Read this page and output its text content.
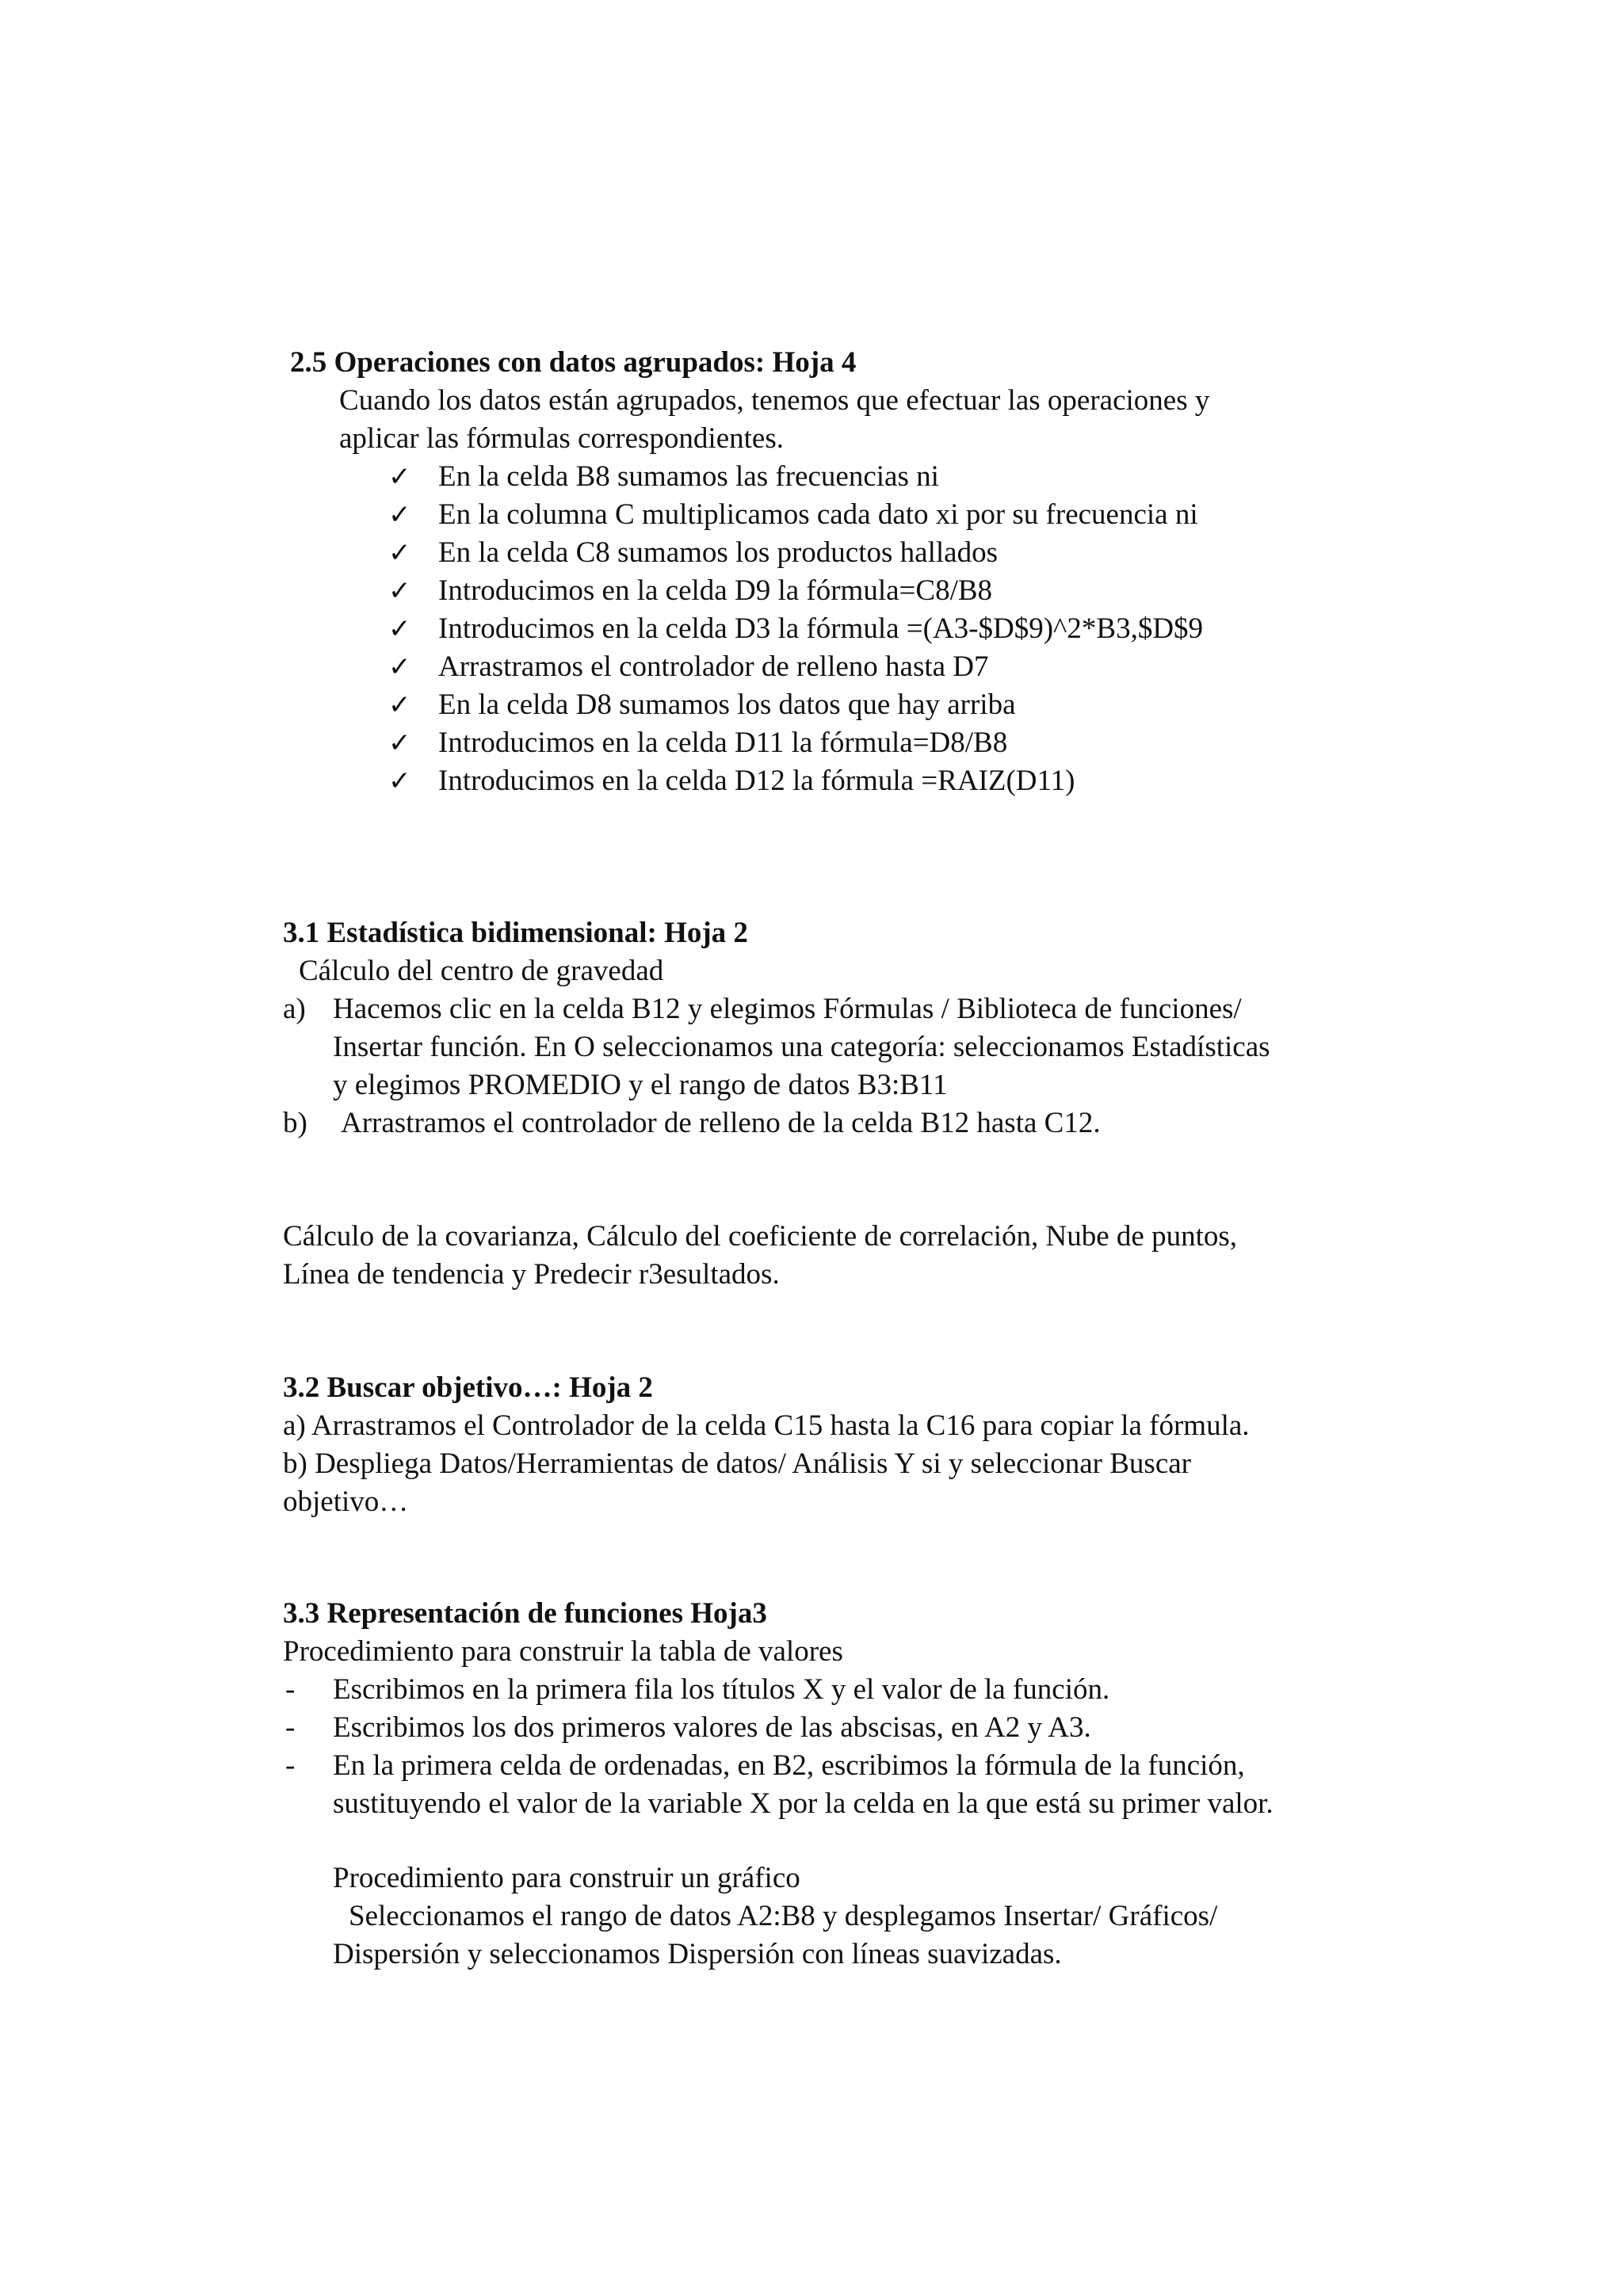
2.5 Operaciones con datos agrupados: Hoja 4
Cuando los datos están agrupados, tenemos que efectuar las operaciones y
aplicar las fórmulas correspondientes.
✓ En la celda B8 sumamos las frecuencias ni
✓ En la columna C multiplicamos cada dato xi por su frecuencia ni
✓ En la celda C8 sumamos los productos hallados
✓ Introducimos en la celda D9 la fórmula=C8/B8
✓ Introducimos en la celda D3 la fórmula =(A3-$D$9)^2*B3,$D$9
✓ Arrastramos el controlador de relleno hasta D7
✓ En la celda D8 sumamos los datos que hay arriba
✓ Introducimos en la celda D11 la fórmula=D8/B8
✓ Introducimos en la celda D12 la fórmula =RAIZ(D11)
3.1 Estadística bidimensional: Hoja 2
Cálculo del centro de gravedad
a) Hacemos clic en la celda B12 y elegimos Fórmulas / Biblioteca de funciones/
Insertar función. En O seleccionamos una categoría: seleccionamos Estadísticas
y elegimos PROMEDIO y el rango de datos B3:B11
b) Arrastramos el controlador de relleno de la celda B12 hasta C12.
Cálculo de la covarianza, Cálculo del coeficiente de correlación, Nube de puntos,
Línea de tendencia y Predecir r3esultados.
3.2 Buscar objetivo…: Hoja 2
a) Arrastramos el Controlador de la celda C15 hasta la C16 para copiar la fórmula.
b) Despliega Datos/Herramientas de datos/ Análisis Y si y seleccionar Buscar
objetivo…
3.3 Representación de funciones Hoja3
Procedimiento para construir la tabla de valores
- Escribimos en la primera fila los títulos X y el valor de la función.
- Escribimos los dos primeros valores de las abscisas, en A2 y A3.
- En la primera celda de ordenadas, en B2, escribimos la fórmula de la función,
sustituyendo el valor de la variable X por la celda en la que está su primer valor.
Procedimiento para construir un gráfico
Seleccionamos el rango de datos A2:B8 y desplegamos Insertar/ Gráficos/
Dispersión y seleccionamos Dispersión con líneas suavizadas.
